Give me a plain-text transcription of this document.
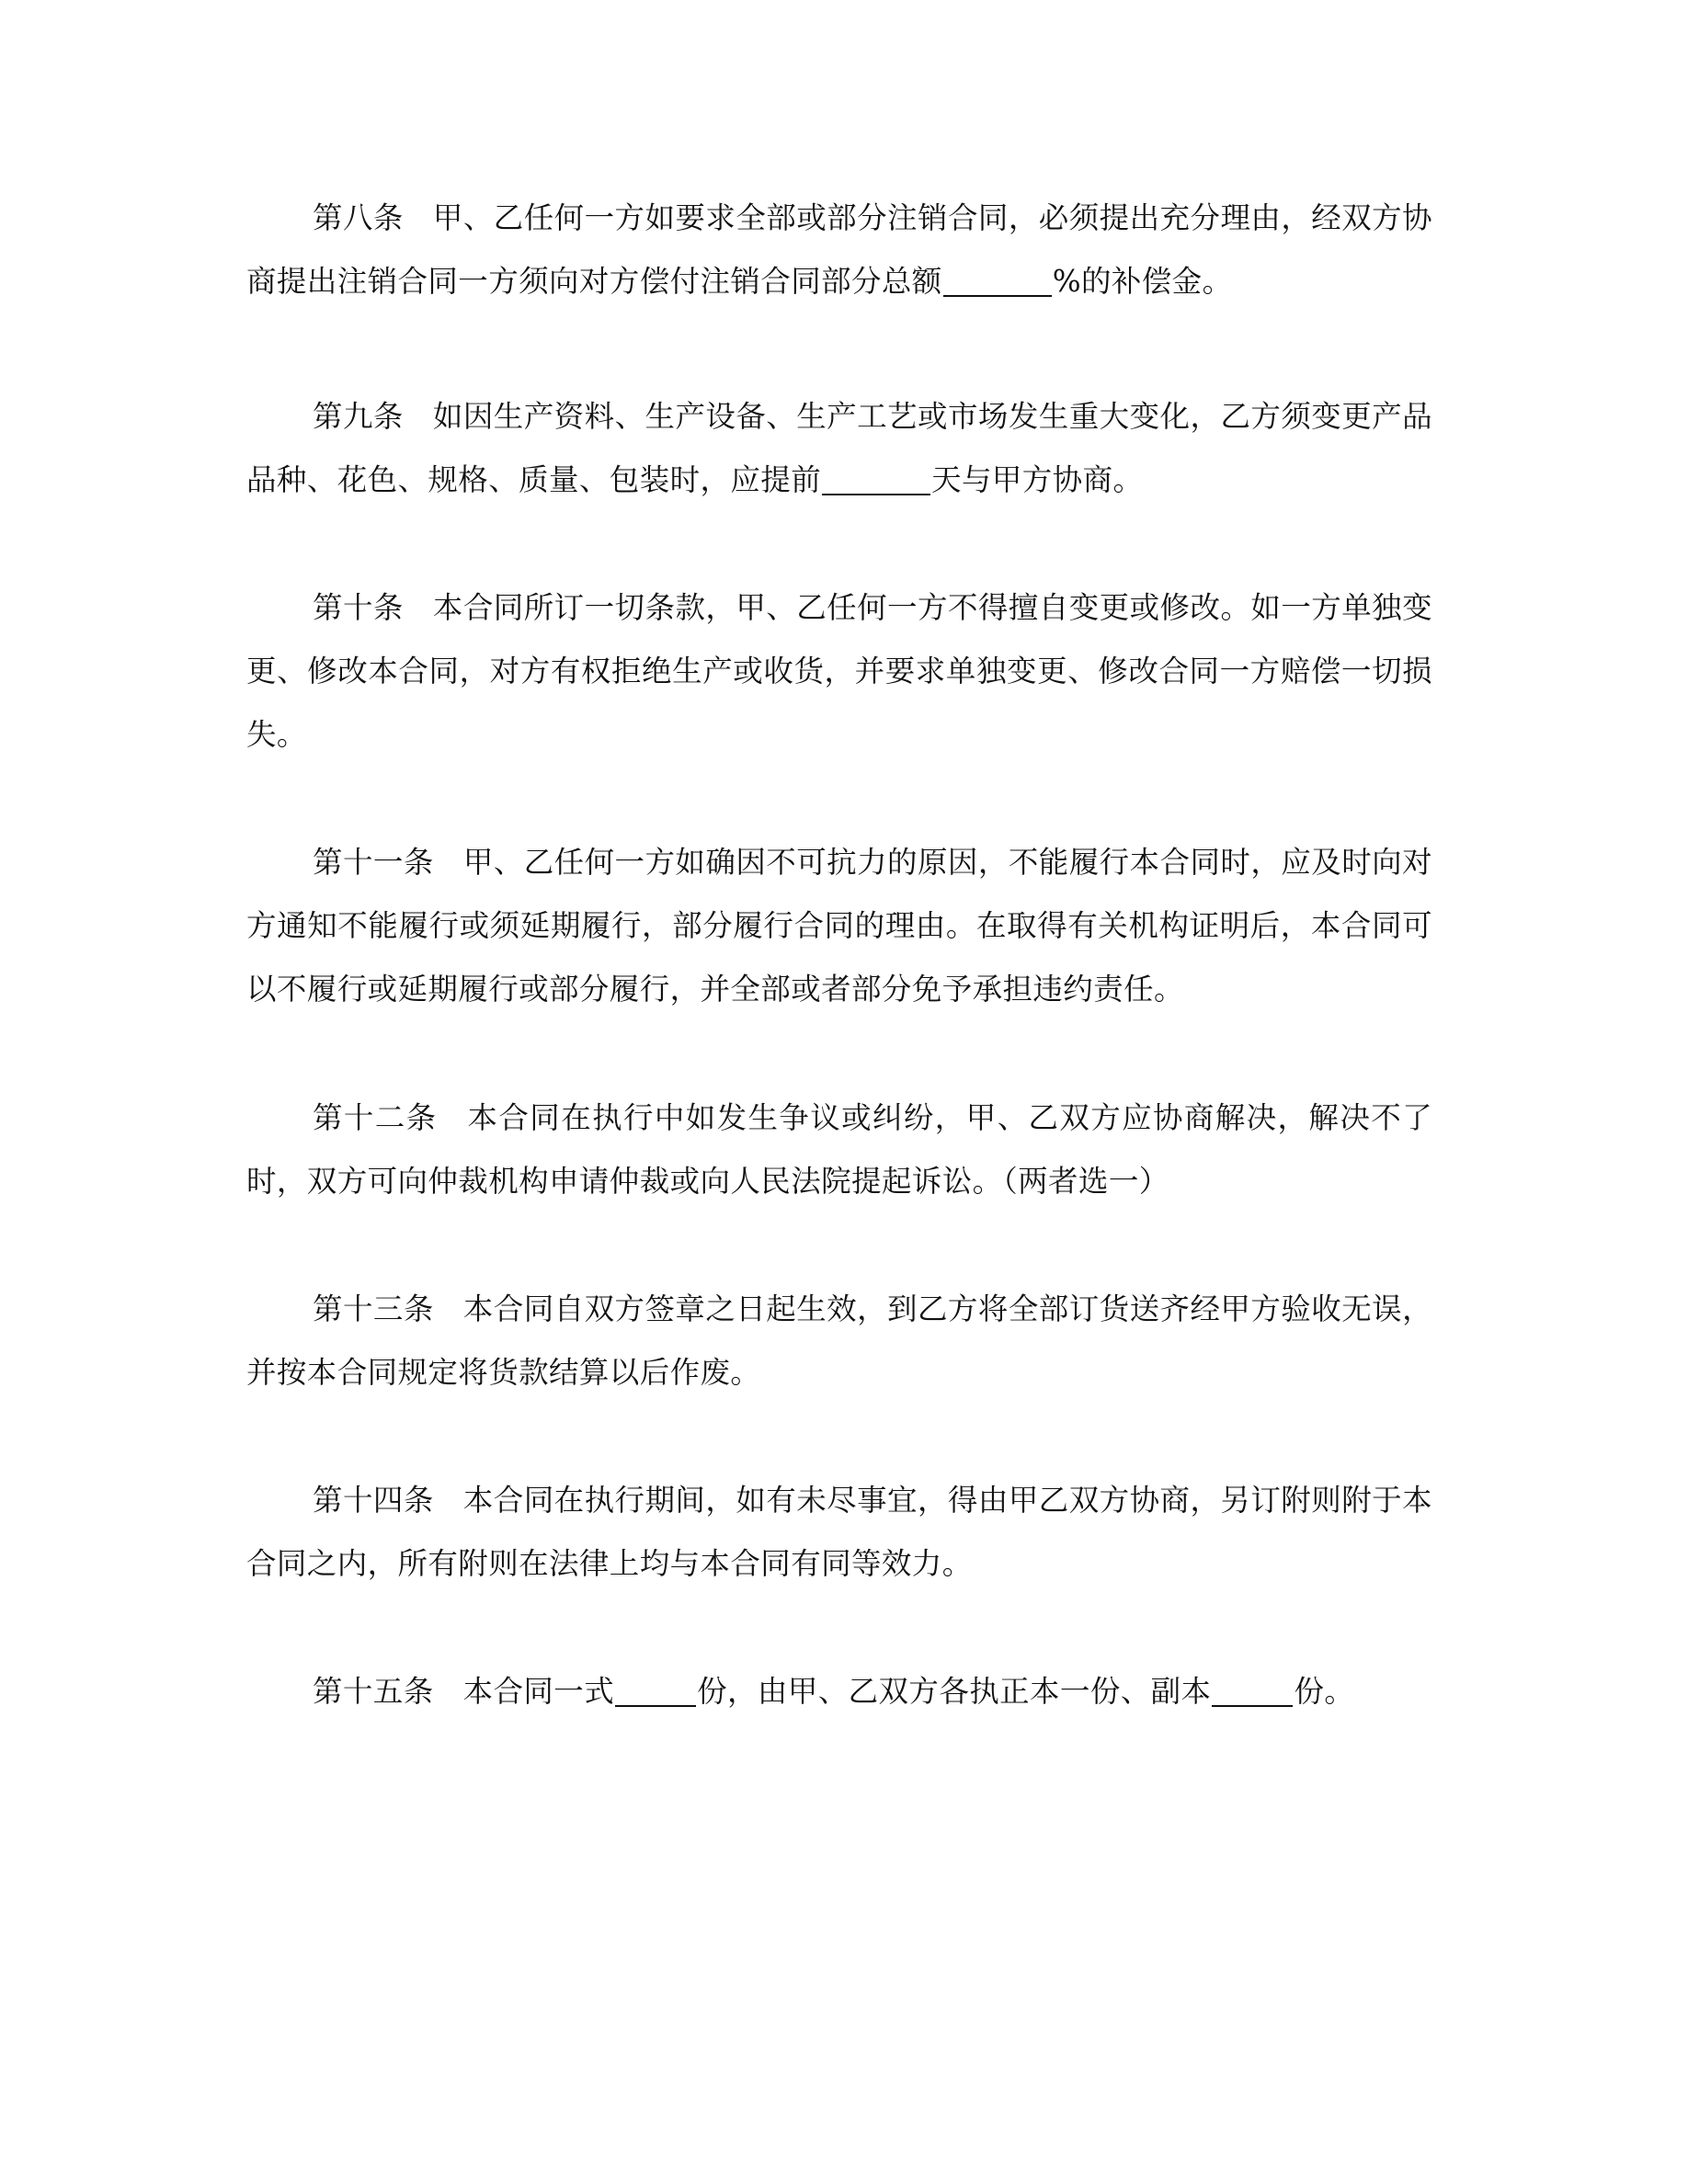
第八条 甲、乙任何一方如要求全部或部分注销合同，必须提出充分理由，经双方协商提出注销合同一方须向对方偿付注销合同部分总额	%的补偿金。

第九条 如因生产资料、生产设备、生产工艺或市场发生重大变化，乙方须变更产品品种、花色、规格、质量、包装时，应提前	天与甲方协商。

第十条 本合同所订一切条款，甲、乙任何一方不得擅自变更或修改。如一方单独变更、修改本合同，对方有权拒绝生产或收货，并要求单独变更、修改合同一方赔偿一切损失。

第十一条 甲、乙任何一方如确因不可抗力的原因，不能履行本合同时，应及时向对方通知不能履行或须延期履行，部分履行合同的理由。在取得有关机构证明后，本合同可以不履行或延期履行或部分履行，并全部或者部分免予承担违约责任。

第十二条 本合同在执行中如发生争议或纠纷，甲、乙双方应协商解决，解决不了时，双方可向仲裁机构申请仲裁或向人民法院提起诉讼。（两者选一）

第十三条 本合同自双方签章之日起生效，到乙方将全部订货送齐经甲方验收无误，并按本合同规定将货款结算以后作废。

第十四条 本合同在执行期间，如有未尽事宜，得由甲乙双方协商，另订附则附于本合同之内，所有附则在法律上均与本合同有同等效力。

第十五条 本合同一式	份，由甲、乙双方各执正本一份、副本	份。
